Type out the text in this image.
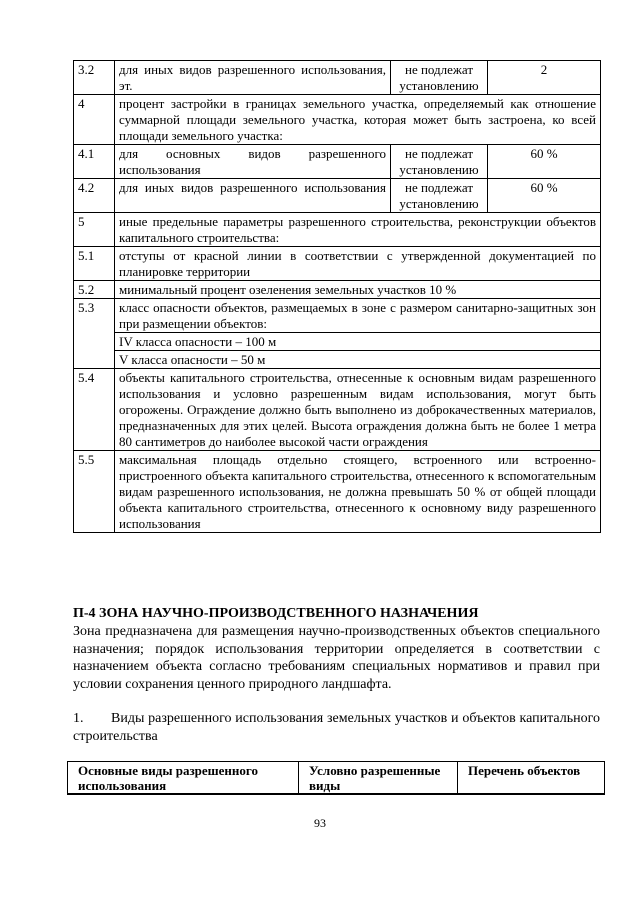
3.2	для иных видов разрешенного использования, эт.	не подлежат установлению	2
4	процент застройки в границах земельного участка, определяемый как отношение суммарной площади земельного участка, которая может быть застроена, ко всей площади земельного участка:		
4.1	для основных видов разрешенного использования	не подлежат установлению	60 %
4.2	для иных видов разрешенного использования	не подлежат установлению	60 %
5	иные предельные параметры разрешенного строительства, реконструкции объектов капитального строительства:		
5.1	отступы от красной линии в соответствии с утвержденной документацией по планировке территории		
5.2	минимальный процент озеленения земельных участков 10 %		
5.3	класс опасности объектов, размещаемых в зоне с размером санитарно-защитных зон при размещении объектов:		
	IV класса опасности – 100 м		
	V класса опасности – 50 м		
5.4	объекты капитального строительства, отнесенные к основным видам разрешенного использования и условно разрешенным видам использования, могут быть огорожены. Ограждение должно быть выполнено из доброкачественных материалов, предназначенных для этих целей. Высота ограждения должна быть не более 1 метра 80 сантиметров до наиболее высокой части ограждения		
5.5	максимальная площадь отдельно стоящего, встроенного или встроенно-пристроенного объекта капитального строительства, отнесенного к вспомогательным видам разрешенного использования, не должна превышать 50 % от общей площади объекта капитального строительства, отнесенного к основному виду разрешенного использования		
П-4 ЗОНА НАУЧНО-ПРОИЗВОДСТВЕННОГО НАЗНАЧЕНИЯ
Зона предназначена для размещения научно-производственных объектов специального назначения; порядок использования территории определяется в соответствии с назначением объекта согласно требованиям специальных нормативов и правил при условии сохранения ценного природного ландшафта.
1. Виды разрешенного использования земельных участков и объектов капитального строительства
Основные виды разрешенного использования	Условно разрешенные виды	Перечень объектов
93
